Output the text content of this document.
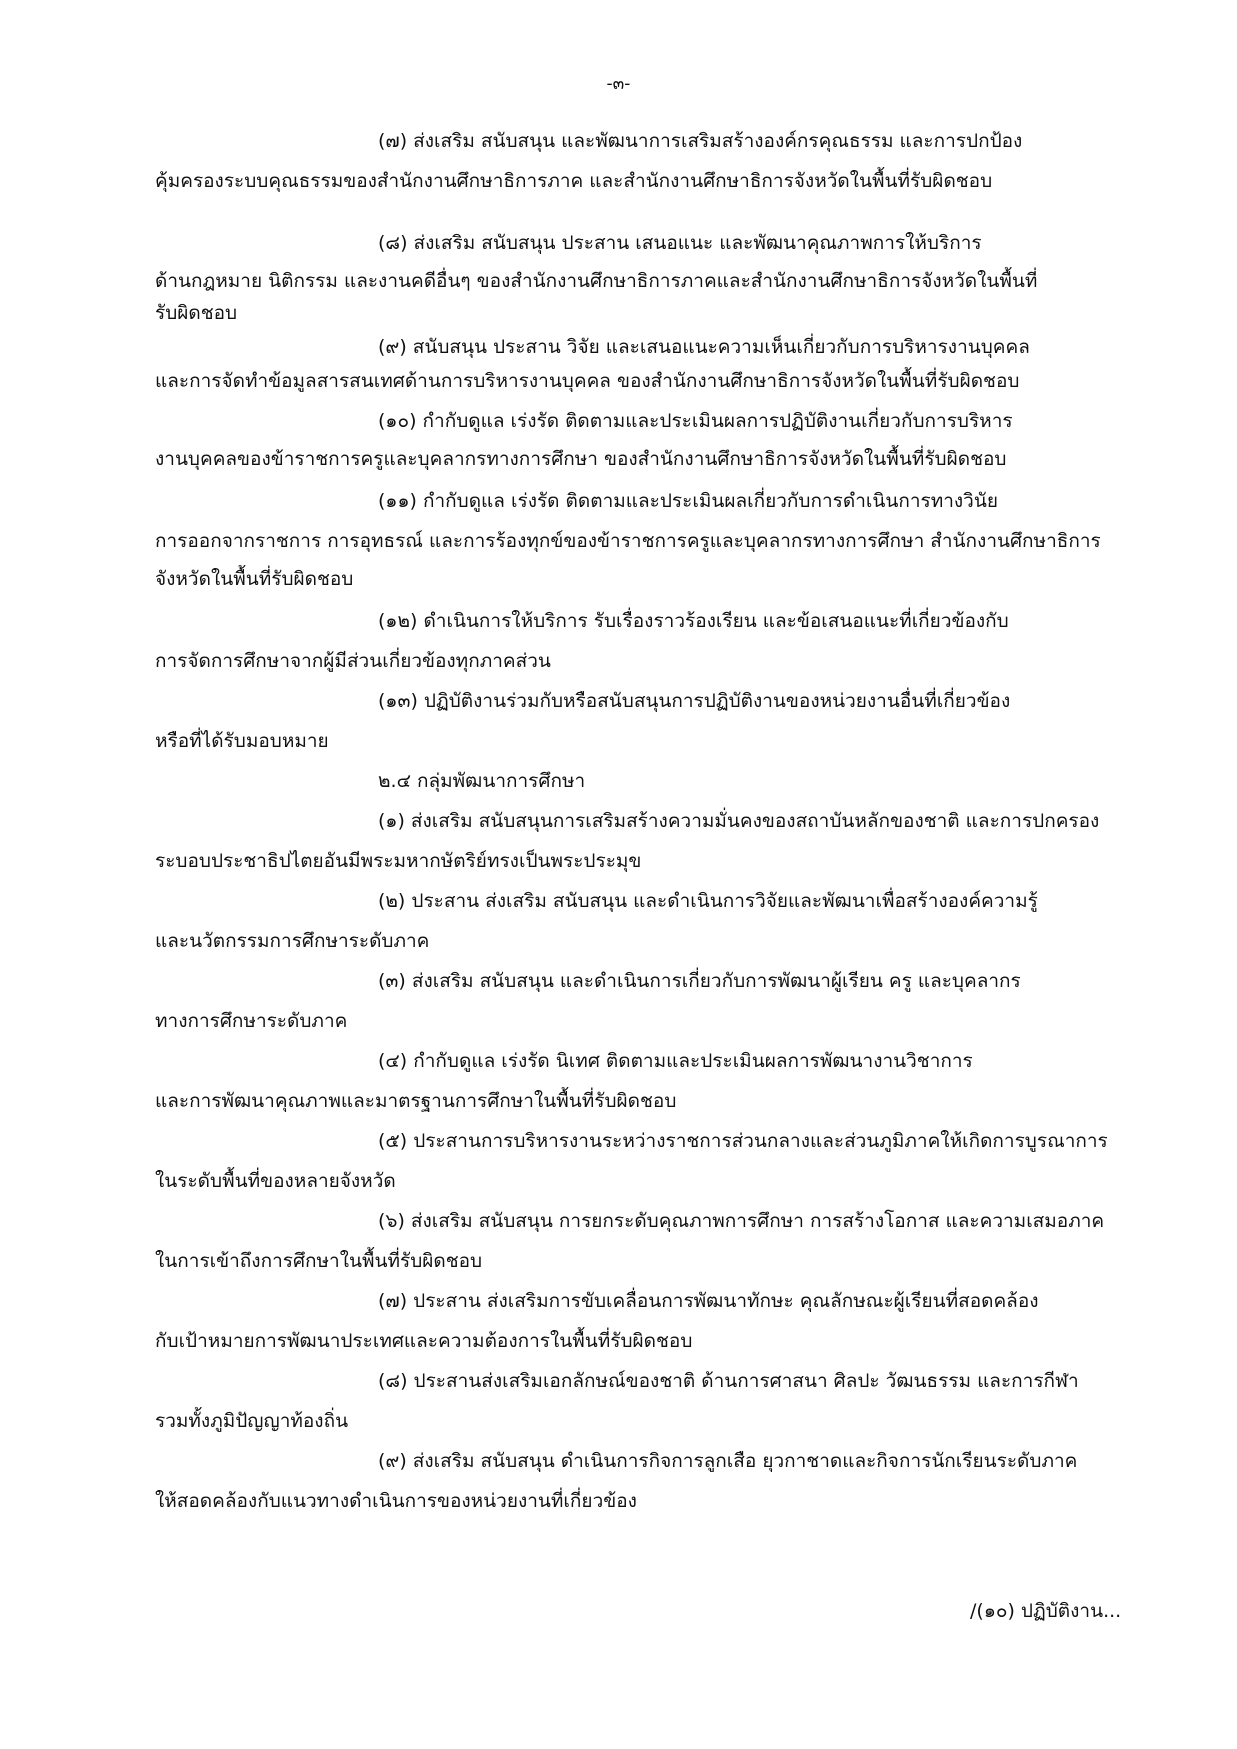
-๓-
(๗) ส่งเสริม สนับสนุน และพัฒนาการเสริมสร้างองค์กรคุณธรรม และการปกป้อง
คุ้มครองระบบคุณธรรมของสำนักงานศึกษาธิการภาค และสำนักงานศึกษาธิการจังหวัดในพื้นที่รับผิดชอบ
(๘) ส่งเสริม สนับสนุน ประสาน เสนอแนะ และพัฒนาคุณภาพการให้บริการ
ด้านกฎหมาย นิติกรรม และงานคดีอื่นๆ ของสำนักงานศึกษาธิการภาคและสำนักงานศึกษาธิการจังหวัดในพื้นที่
รับผิดชอบ
(๙) สนับสนุน ประสาน วิจัย และเสนอแนะความเห็นเกี่ยวกับการบริหารงานบุคคล
และการจัดทำข้อมูลสารสนเทศด้านการบริหารงานบุคคล ของสำนักงานศึกษาธิการจังหวัดในพื้นที่รับผิดชอบ
(๑๐) กำกับดูแล เร่งรัด ติดตามและประเมินผลการปฏิบัติงานเกี่ยวกับการบริหาร
งานบุคคลของข้าราชการครูและบุคลากรทางการศึกษา ของสำนักงานศึกษาธิการจังหวัดในพื้นที่รับผิดชอบ
(๑๑) กำกับดูแล เร่งรัด ติดตามและประเมินผลเกี่ยวกับการดำเนินการทางวินัย
การออกจากราชการ การอุทธรณ์ และการร้องทุกข์ของข้าราชการครูและบุคลากรทางการศึกษา สำนักงานศึกษาธิการ
จังหวัดในพื้นที่รับผิดชอบ
(๑๒) ดำเนินการให้บริการ รับเรื่องราวร้องเรียน และข้อเสนอแนะที่เกี่ยวข้องกับ
การจัดการศึกษาจากผู้มีส่วนเกี่ยวข้องทุกภาคส่วน
(๑๓) ปฏิบัติงานร่วมกับหรือสนับสนุนการปฏิบัติงานของหน่วยงานอื่นที่เกี่ยวข้อง
หรือที่ได้รับมอบหมาย
๒.๔ กลุ่มพัฒนาการศึกษา
(๑) ส่งเสริม สนับสนุนการเสริมสร้างความมั่นคงของสถาบันหลักของชาติ และการปกครอง
ระบอบประชาธิปไตยอันมีพระมหากษัตริย์ทรงเป็นพระประมุข
(๒) ประสาน ส่งเสริม สนับสนุน และดำเนินการวิจัยและพัฒนาเพื่อสร้างองค์ความรู้
และนวัตกรรมการศึกษาระดับภาค
(๓) ส่งเสริม สนับสนุน และดำเนินการเกี่ยวกับการพัฒนาผู้เรียน ครู และบุคลากร
ทางการศึกษาระดับภาค
(๔) กำกับดูแล เร่งรัด นิเทศ ติดตามและประเมินผลการพัฒนางานวิชาการ
และการพัฒนาคุณภาพและมาตรฐานการศึกษาในพื้นที่รับผิดชอบ
(๕) ประสานการบริหารงานระหว่างราชการส่วนกลางและส่วนภูมิภาคให้เกิดการบูรณาการ
ในระดับพื้นที่ของหลายจังหวัด
(๖) ส่งเสริม สนับสนุน การยกระดับคุณภาพการศึกษา การสร้างโอกาส และความเสมอภาค
ในการเข้าถึงการศึกษาในพื้นที่รับผิดชอบ
(๗) ประสาน ส่งเสริมการขับเคลื่อนการพัฒนาทักษะ คุณลักษณะผู้เรียนที่สอดคล้อง
กับเป้าหมายการพัฒนาประเทศและความต้องการในพื้นที่รับผิดชอบ
(๘) ประสานส่งเสริมเอกลักษณ์ของชาติ ด้านการศาสนา ศิลปะ วัฒนธรรม และการกีฬา
รวมทั้งภูมิปัญญาท้องถิ่น
(๙) ส่งเสริม สนับสนุน ดำเนินการกิจการลูกเสือ ยุวกาชาดและกิจการนักเรียนระดับภาค
ให้สอดคล้องกับแนวทางดำเนินการของหน่วยงานที่เกี่ยวข้อง
/(๑๐) ปฏิบัติงาน...
